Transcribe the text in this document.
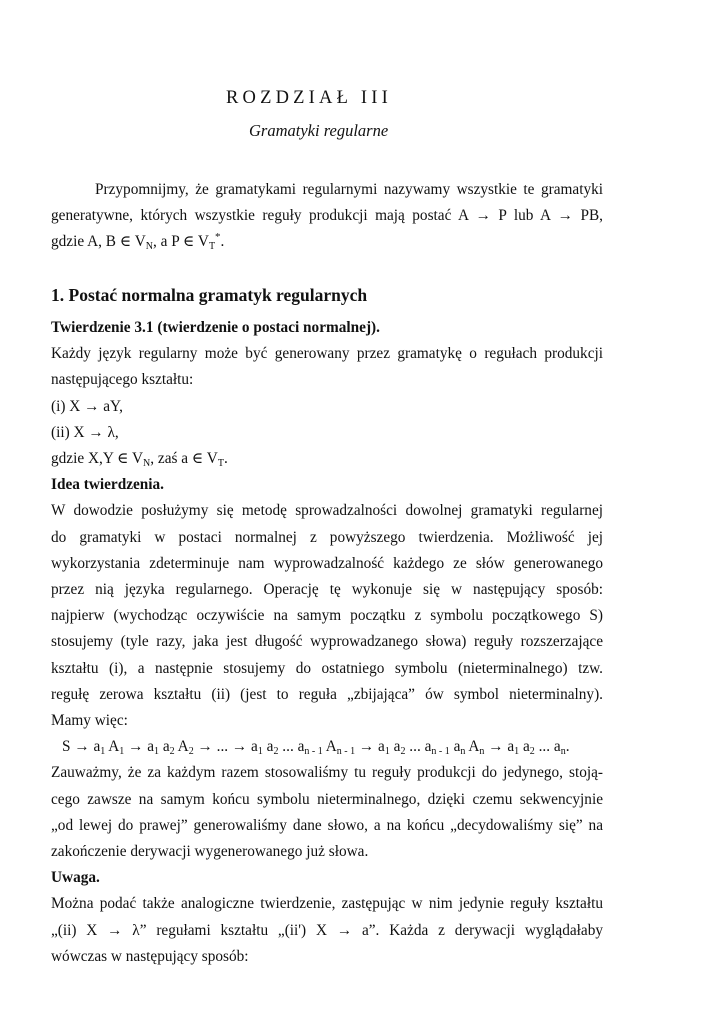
ROZDZIAŁ III
Gramatyki regularne

Przypomnijmy, że gramatykami regularnymi nazywamy wszystkie te gramatyki

generatywne, których wszystkie reguły produkcji mają postać A → P lub A → PB,

gdzie A, B ∈ $V_N$, a P ∈ $V_T^*$.

1. Postać normalna gramatyk regularnych

Twierdzenie 3.1 (twierdzenie o postaci normalnej).

Każdy język regularny może być generowany przez gramatykę o regułach produkcji

następującego kształtu:

(i) X → aY,

(ii) X → λ,

gdzie X,Y ∈ $V_N$, zaś a ∈ $V_T$.

Idea twierdzenia.

W dowodzie posłużymy się metodę sprowadzalności dowolnej gramatyki regularnej

do gramatyki w postaci normalnej z powyższego twierdzenia. Możliwość jej

wykorzystania zdeterminuje nam wyprowadzalność każdego ze słów generowanego

przez nią języka regularnego. Operację tę wykonuje się w następujący sposób:

najpierw (wychodząc oczywiście na samym początku z symbolu początkowego S)

stosujemy (tyle razy, jaka jest długość wyprowadzanego słowa) reguły rozszerzające

kształtu (i), a następnie stosujemy do ostatniego symbolu (nieterminalnego) tzw.

regułę zerowa kształtu (ii) (jest to reguła „zbijająca” ów symbol nieterminalny).

Mamy więc:

$S \to a_1$ $A_1 \to a_1$ $a_2$ $A_2$ → ... → $a_1$ $a_2$ ... $a_{n - 1}$ $A_{n - 1} \to a_1$ $a_2$ ... $a_{n - 1}$ $a_n$ $A_n \to a_1$ $a_2$ ... $a_n$.

Zauważmy, że za każdym razem stosowaliśmy tu reguły produkcji do jedynego, stoją-

cego zawsze na samym końcu symbolu nieterminalnego, dzięki czemu sekwencyjnie

„od lewej do prawej” generowaliśmy dane słowo, a na końcu „decydowaliśmy się” na

zakończenie derywacji wygenerowanego już słowa.

Uwaga.

Można podać także analogiczne twierdzenie, zastępując w nim jedynie reguły kształtu

„(ii) X → λ” regułami kształtu „(ii') X → a”. Każda z derywacji wyglądałaby

wówczas w następujący sposób:
